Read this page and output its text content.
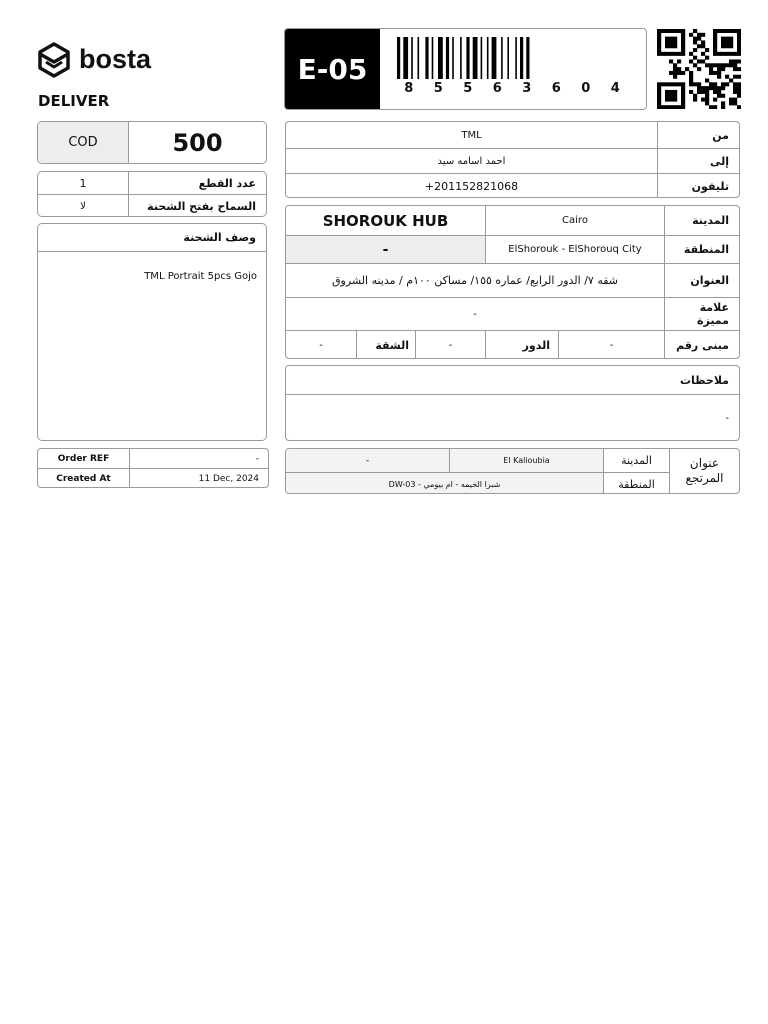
bosta
DELIVER
E-05
8 5 5 6 3 6 0 4
COD	500
1	عدد القطع
لا	السماح بفتح الشحنة
وصف الشحنة
TML Portrait 5pcs Gojo
Order REF	-
Created At	11 Dec, 2024
TML	من
احمد اسامه سيد	إلى
+201152821068	تليفون
SHOROUK HUB	Cairo	المدينة
-	ElShorouk - ElShorouq City	المنطقة
شقه ٧/ الدور الرابع/ عماره ١٥٥/ مساكن ١٠٠م / مدينه الشروق	العنوان
-	علامة مميزة
-	الشقة	-	الدور	-	مبنى رقم
ملاحظات
-
-	El Kalioubia	المدينة
شبرا الخيمه - ام بيومي - DW-03	المنطقة
عنوان المرتجع
